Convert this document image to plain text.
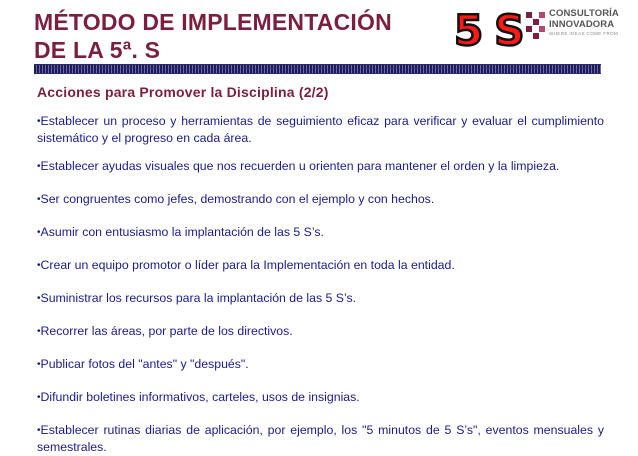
MÉTODO DE IMPLEMENTACIÓN
DE LA 5ª. S	5 S CONSULTORÍA
INNOVADORA
WHERE IDEAS COME FROM
Acciones para Promover la Disciplina (2/2)
•Establecer un proceso y herramientas de seguimiento eficaz para verificar y evaluar el cumplimiento sistemático y el progreso en cada área.
•Establecer ayudas visuales que nos recuerden u orienten para mantener el orden y la limpieza.
•Ser congruentes como jefes, demostrando con el ejemplo y con hechos.
•Asumir con entusiasmo la implantación de las 5 S’s.
•Crear un equipo promotor o líder para la Implementación en toda la entidad.
•Suministrar los recursos para la implantación de las 5 S’s.
•Recorrer las áreas, por parte de los directivos.
•Publicar fotos del "antes" y "después".
•Difundir boletines informativos, carteles, usos de insignias.
•Establecer rutinas diarias de aplicación, por ejemplo, los "5 minutos de 5 S’s", eventos mensuales y semestrales.
